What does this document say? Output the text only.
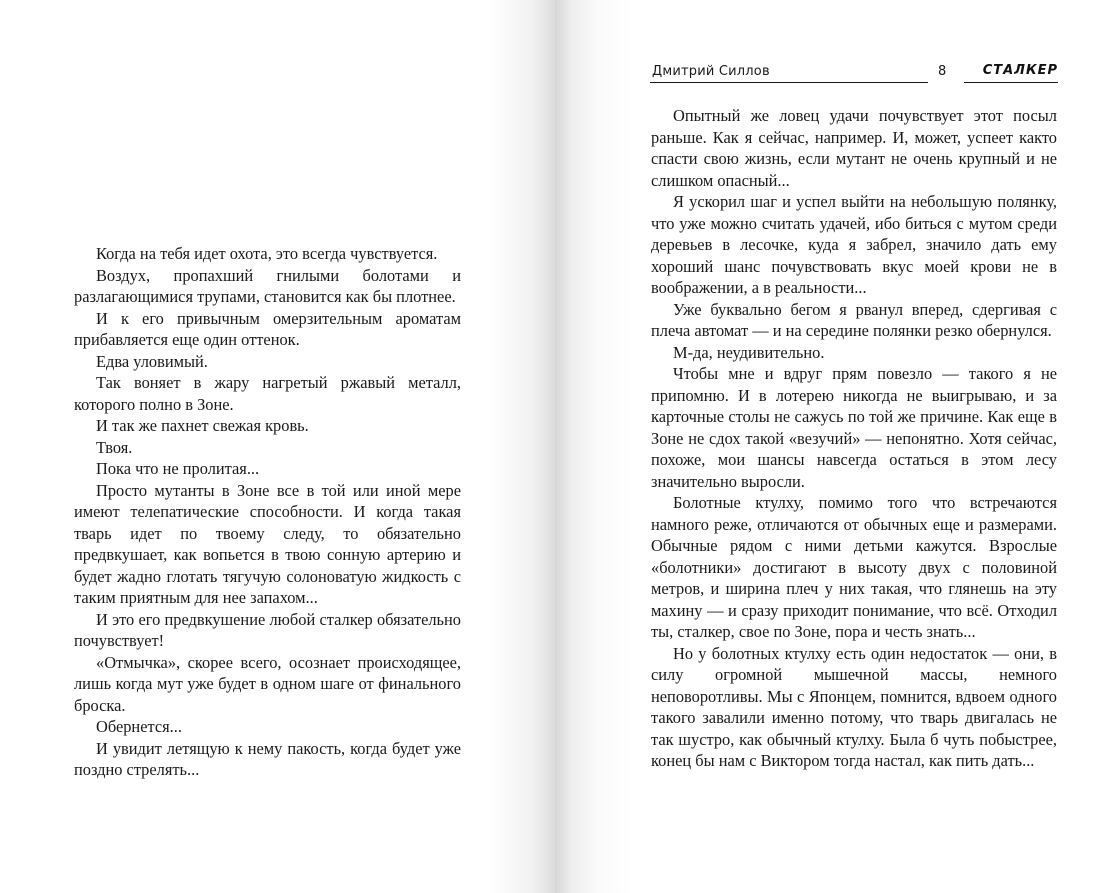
Когда на тебя идет охота, это всегда чувствуется.

Воздух, пропахший гнилыми болотами и разлагающимися трупами, становится как бы плотнее.

И к его привычным омерзительным ароматам прибавляется еще один оттенок.

Едва уловимый.

Так воняет в жару нагретый ржавый металл, которого полно в Зоне.

И так же пахнет свежая кровь.

Твоя.

Пока что не пролитая...

Просто мутанты в Зоне все в той или иной мере имеют телепатические способности. И когда такая тварь идет по твоему следу, то обязательно предвкушает, как вопьется в твою сонную артерию и будет жадно глотать тягучую солоноватую жидкость с таким приятным для нее запахом...

И это его предвкушение любой сталкер обязательно почувствует!

«Отмычка», скорее всего, осознает происходящее, лишь когда мут уже будет в одном шаге от финального броска.

Обернется...

И увидит летящую к нему пакость, когда будет уже поздно стрелять...

Дмитрий Силлов	8	СТАЛКЕР

Опытный же ловец удачи почувствует этот посыл раньше. Как я сейчас, например. И, может, успеет както спасти свою жизнь, если мутант не очень крупный и не слишком опасный...

Я ускорил шаг и успел выйти на небольшую полянку, что уже можно считать удачей, ибо биться с мутом среди деревьев в лесочке, куда я забрел, значило дать ему хороший шанс почувствовать вкус моей крови не в воображении, а в реальности...

Уже буквально бегом я рванул вперед, сдергивая с плеча автомат — и на середине полянки резко обернулся.

М-да, неудивительно.

Чтобы мне и вдруг прям повезло — такого я не припомню. И в лотерею никогда не выигрываю, и за карточные столы не сажусь по той же причине. Как еще в Зоне не сдох такой «везучий» — непонятно. Хотя сейчас, похоже, мои шансы навсегда остаться в этом лесу значительно выросли.

Болотные ктулху, помимо того что встречаются намного реже, отличаются от обычных еще и размерами. Обычные рядом с ними детьми кажутся. Взрослые «болотники» достигают в высоту двух с половиной метров, и ширина плеч у них такая, что глянешь на эту махину — и сразу приходит понимание, что всё. Отходил ты, сталкер, свое по Зоне, пора и честь знать...

Но у болотных ктулху есть один недостаток — они, в силу огромной мышечной массы, немного неповоротливы. Мы с Японцем, помнится, вдвоем одного такого завалили именно потому, что тварь двигалась не так шустро, как обычный ктулху. Была б чуть побыстрее, конец бы нам с Виктором тогда настал, как пить дать...
